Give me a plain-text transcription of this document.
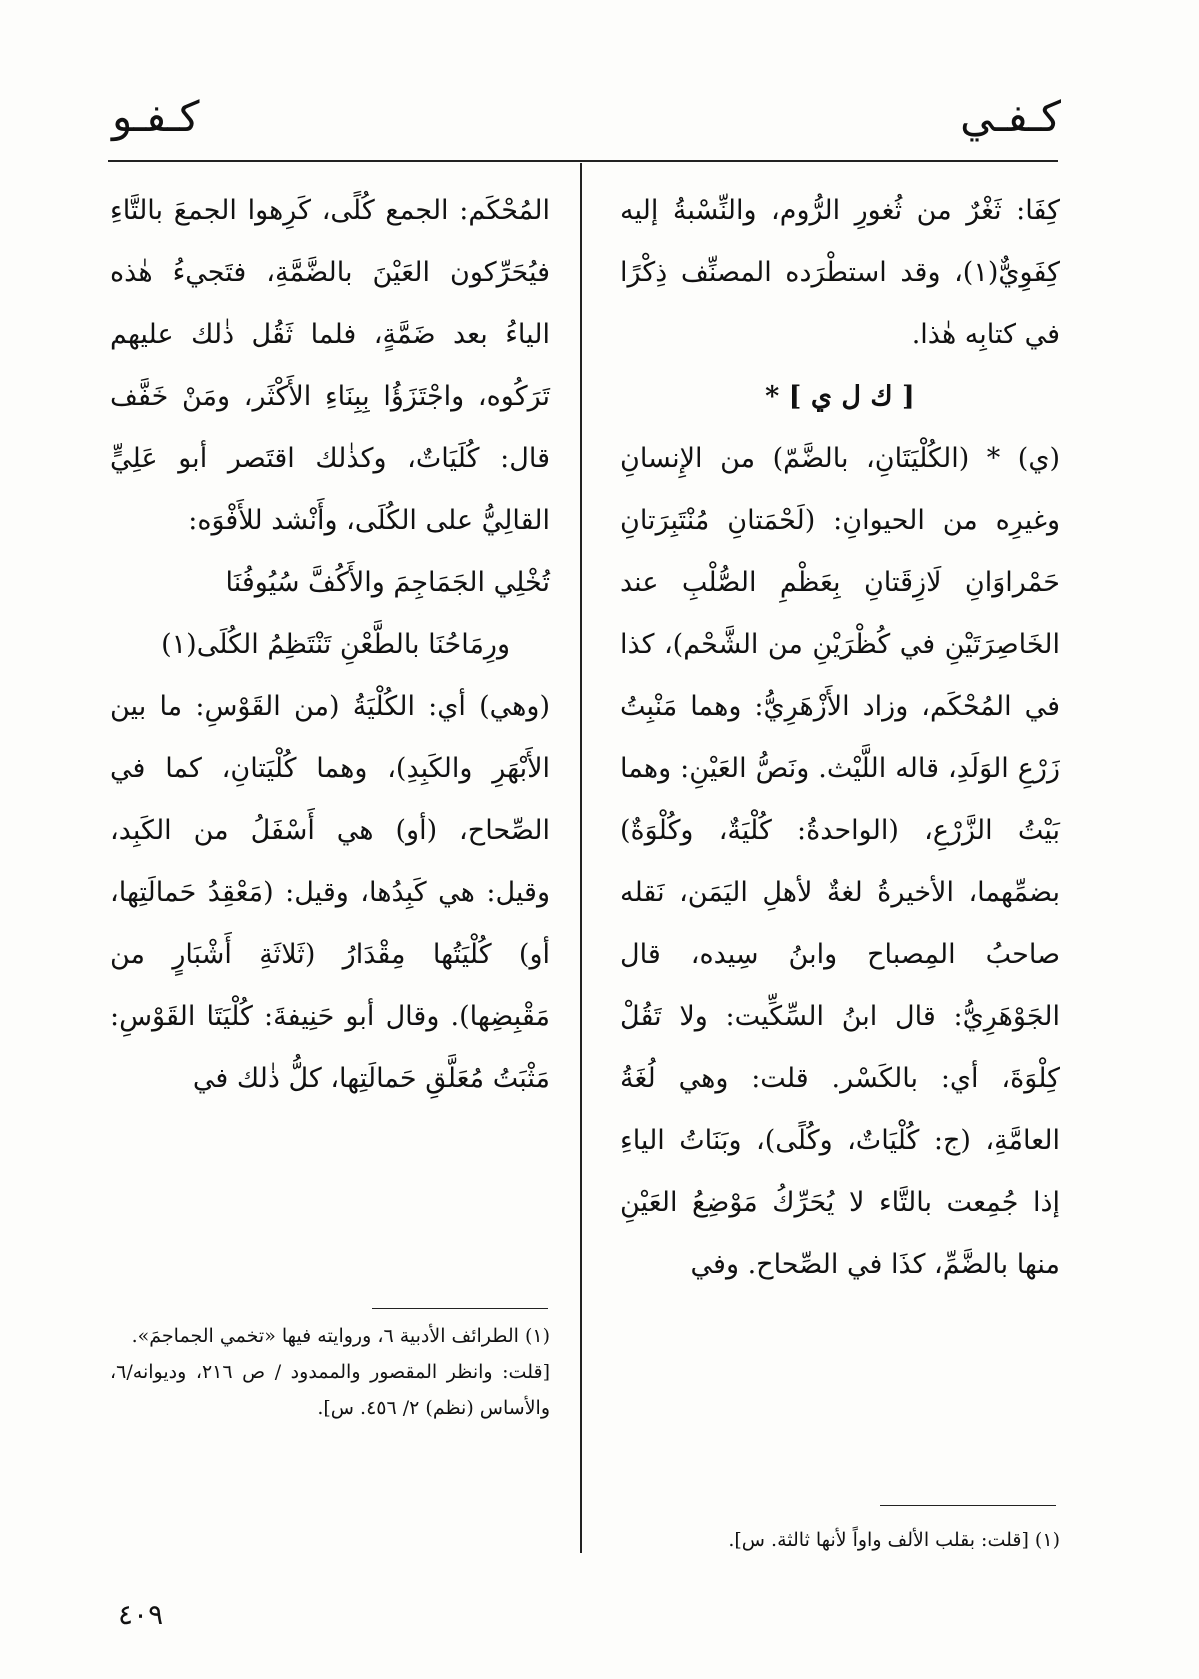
كـفـي
كـفـو

كِفَا: ثَغْرٌ من ثُغورِ الرُّوم، والنِّسْبةُ إليه كِفَوِيٌّ(١)، وقد استطْرَده المصنِّف ذِكْرًا في كتابِه هٰذا.

[ ك ل ي ] *

(ي) * (الكُلْيَتَانِ، بالضَّمّ) من الإِنسانِ وغيرِه من الحيوانِ: (لَحْمَتانِ مُنْتَبِرَتانِ حَمْراوَانِ لَازِقَتانِ بِعَظْمِ الصُّلْبِ عند الخَاصِرَتَيْنِ في كُظْرَيْنِ من الشَّحْم)، كذا في المُحْكَم، وزاد الأَزْهَرِيُّ: وهما مَنْبِتُ زَرْعِ الوَلَدِ، قاله اللَّيْث. ونَصُّ العَيْنِ: وهما بَيْتُ الزَّرْعِ، (الواحدةُ: كُلْيَةٌ، وكُلْوَةٌ) بضمِّهما، الأخيرةُ لغةٌ لأهلِ اليَمَن، نَقله صاحبُ المِصباح وابنُ سِيده، قال الجَوْهَرِيُّ: قال ابنُ السِّكِّيت: ولا تَقُلْ كِلْوَةَ، أي: بالكَسْر. قلت: وهي لُغَةُ العامَّةِ، (ج: كُلْيَاتٌ، وكُلًى)، وبَنَاتُ الياءِ إذا جُمِعت بالتَّاء لا يُحَرِّكُ مَوْضِعُ العَيْنِ منها بالضَّمِّ، كذَا في الصِّحاح. وفي

(١) [قلت: بقلب الألف واواً لأنها ثالثة. س].

المُحْكَم: الجمع كُلًى، كَرِهوا الجمعَ بالتَّاءِ فيُحَرِّكون العَيْنَ بالضَّمَّةِ، فتَجيءُ هٰذه الياءُ بعد ضَمَّةٍ، فلما ثَقُل ذٰلك عليهم تَرَكُوه، واجْتَزَؤُا بِبِنَاءِ الأَكْثَر، ومَنْ خَفَّف قال: كُلَيَاتٌ، وكذٰلك اقتَصر أبو عَلِيٍّ القالِيُّ على الكُلَى، وأَنْشد للأَفْوَه:

تُخْلِي الجَمَاجِمَ والأَكُفَّ سُيُوفُنَا

ورِمَاحُنَا بالطَّعْنِ تَنْتَظِمُ الكُلَى(١)

(وهي) أي: الكُلْيَةُ (من القَوْسِ: ما بين الأَبْهَرِ والكَبِدِ)، وهما كُلْيَتانِ، كما في الصِّحاح، (أو) هي أَسْفَلُ من الكَبِد، وقيل: هي كَبِدُها، وقيل: (مَعْقِدُ حَمالَتِها، أو) كُلْيَتُها مِقْدَارُ (ثَلاثَةِ أَشْبَارٍ من مَقْبِضِها). وقال أبو حَنِيفةَ: كُلْيَتَا القَوْسِ: مَثْبَتُ مُعَلَّقِ حَمالَتِها، كلُّ ذٰلك في

(١) الطرائف الأدبية ٦، وروايته فيها «تخمي الجماجمَ».

[قلت: وانظر المقصور والممدود / ص ٢١٦، وديوانه/٦، والأساس (نظم) ٢/ ٤٥٦. س].

٤٠٩
